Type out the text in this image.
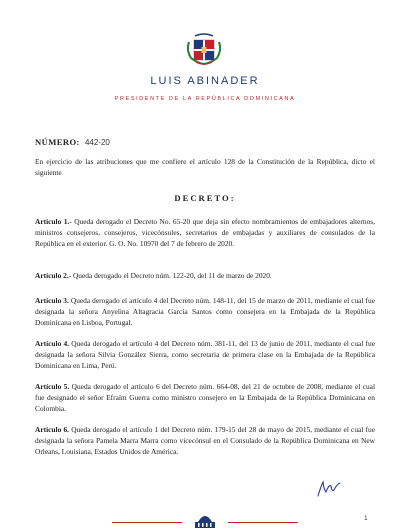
LUIS ABINADER
PRESIDENTE DE LA REPÚBLICA DOMINICANA
NÚMERO: 442-20
En ejercicio de las atribuciones que me confiere el artículo 128 de la Constitución de la República, dicto el siguiente
DECRETO:
Artículo 1.- Queda derogado el Decreto No. 65-20 que deja sin efecto nombramientos de embajadores alternos, ministros consejeros, consejeros, vicecónsules, secretarios de embajadas y auxiliares de consulados de la República en el exterior. G. O. No. 10970 del 7 de febrero de 2020.
Artículo 2.- Queda derogado el Decreto núm. 122-20, del 11 de marzo de 2020.
Artículo 3. Queda derogado el artículo 4 del Decreto núm. 148-11, del 15 de marzo de 2011, mediante el cual fue designada la señora Anyelina Altagracia García Santos como consejera en la Embajada de la República Dominicana en Lisboa, Portugal.
Artículo 4. Queda derogado el artículo 4 del Decreto núm. 381-11, del 13 de junio de 2011, mediante el cual fue designada la señora Silvia González Sierra, como secretaria de primera clase en la Embajada de la República Dominicana en Lima, Perú.
Artículo 5. Queda derogado el artículo 6 del Decreto núm. 664-08, del 21 de octubre de 2008, mediante el cual fue designado el señor Efraím Guerra como ministro consejero en la Embajada de la República Dominicana en Colombia.
Artículo 6. Queda derogado el artículo 1 del Decreto núm. 179-15 del 28 de mayo de 2015, mediante el cual fue designada la señora Pamela Marra Marra como vicecónsul en el Consulado de la República Dominicana en New Orleans, Louisiana, Estados Unidos de América.
1
